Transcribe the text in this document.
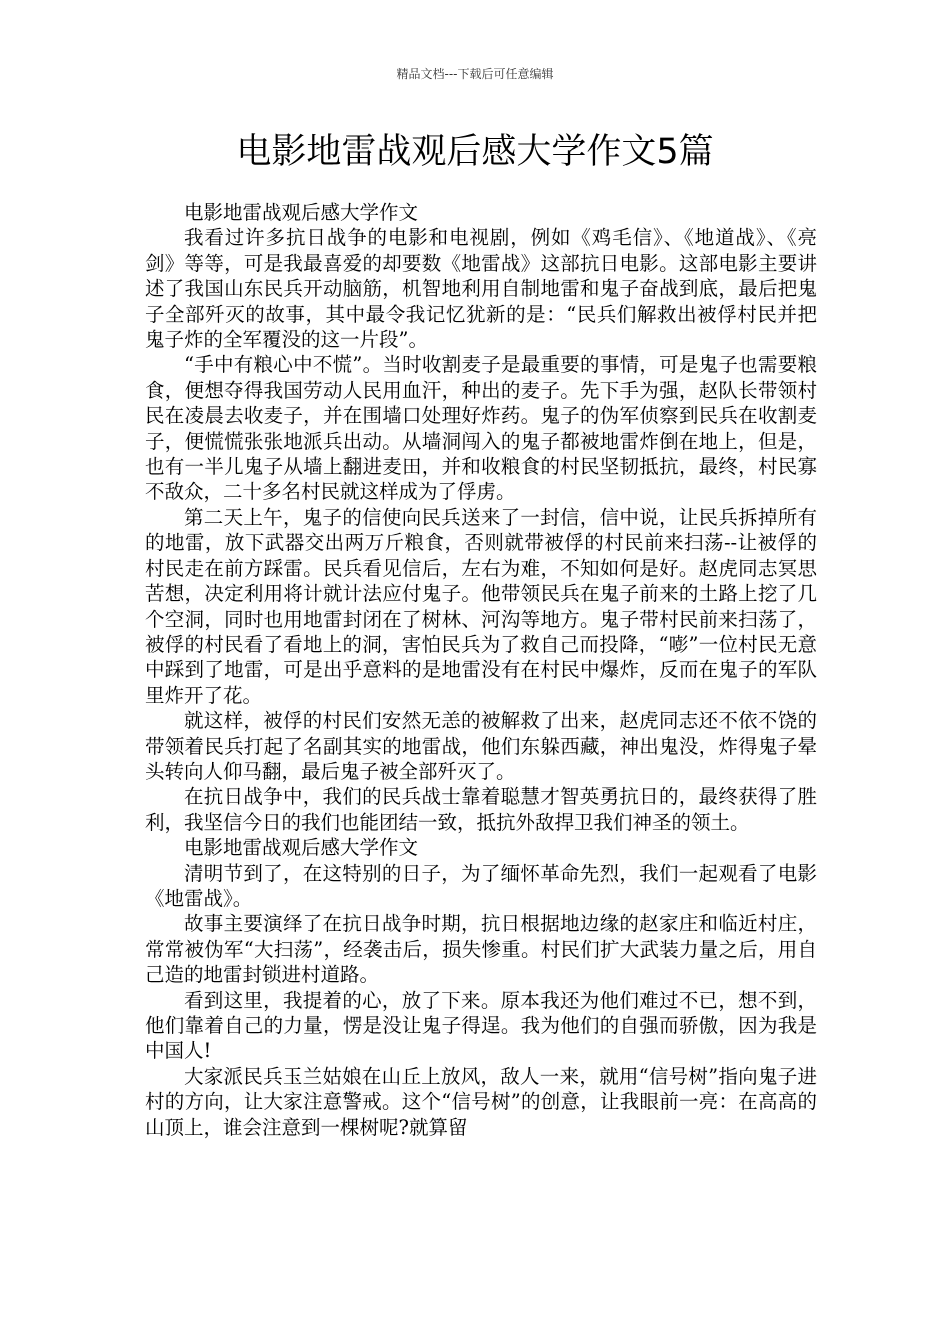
精品文档---下载后可任意编辑
电影地雷战观后感大学作文5篇

电影地雷战观后感大学作文

我看过许多抗日战争的电影和电视剧，例如《鸡毛信》、《地道战》、《亮剑》等等，可是我最喜爱的却要数《地雷战》这部抗日电影。这部电影主要讲述了我国山东民兵开动脑筋，机智地利用自制地雷和鬼子奋战到底，最后把鬼子全部歼灭的故事，其中最令我记忆犹新的是：“民兵们解救出被俘村民并把鬼子炸的全军覆没的这一片段”。

“手中有粮心中不慌”。当时收割麦子是最重要的事情，可是鬼子也需要粮食，便想夺得我国劳动人民用血汗，种出的麦子。先下手为强，赵队长带领村民在凌晨去收麦子，并在围墙口处理好炸药。鬼子的伪军侦察到民兵在收割麦子，便慌慌张张地派兵出动。从墙洞闯入的鬼子都被地雷炸倒在地上，但是，也有一半儿鬼子从墙上翻进麦田，并和收粮食的村民坚韧抵抗，最终，村民寡不敌众，二十多名村民就这样成为了俘虏。

第二天上午，鬼子的信使向民兵送来了一封信，信中说，让民兵拆掉所有的地雷，放下武器交出两万斤粮食，否则就带被俘的村民前来扫荡--让被俘的村民走在前方踩雷。民兵看见信后，左右为难，不知如何是好。赵虎同志冥思苦想，决定利用将计就计法应付鬼子。他带领民兵在鬼子前来的土路上挖了几个空洞，同时也用地雷封闭在了树林、河沟等地方。鬼子带村民前来扫荡了，被俘的村民看了看地上的洞，害怕民兵为了救自己而投降，“嘭”一位村民无意中踩到了地雷，可是出乎意料的是地雷没有在村民中爆炸，反而在鬼子的军队里炸开了花。

就这样，被俘的村民们安然无恙的被解救了出来，赵虎同志还不依不饶的带领着民兵打起了名副其实的地雷战，他们东躲西藏，神出鬼没，炸得鬼子晕头转向人仰马翻，最后鬼子被全部歼灭了。

在抗日战争中，我们的民兵战士靠着聪慧才智英勇抗日的，最终获得了胜利，我坚信今日的我们也能团结一致，抵抗外敌捍卫我们神圣的领土。

电影地雷战观后感大学作文

清明节到了，在这特别的日子，为了缅怀革命先烈，我们一起观看了电影《地雷战》。

故事主要演绎了在抗日战争时期，抗日根据地边缘的赵家庄和临近村庄，常常被伪军“大扫荡”，经袭击后，损失惨重。村民们扩大武装力量之后，用自己造的地雷封锁进村道路。

看到这里，我提着的心，放了下来。原本我还为他们难过不已，想不到，他们靠着自己的力量，愣是没让鬼子得逞。我为他们的自强而骄傲，因为我是中国人!

大家派民兵玉兰姑娘在山丘上放风，敌人一来，就用“信号树”指向鬼子进村的方向，让大家注意警戒。这个“信号树”的创意，让我眼前一亮：在高高的山顶上，谁会注意到一棵树呢?就算留
